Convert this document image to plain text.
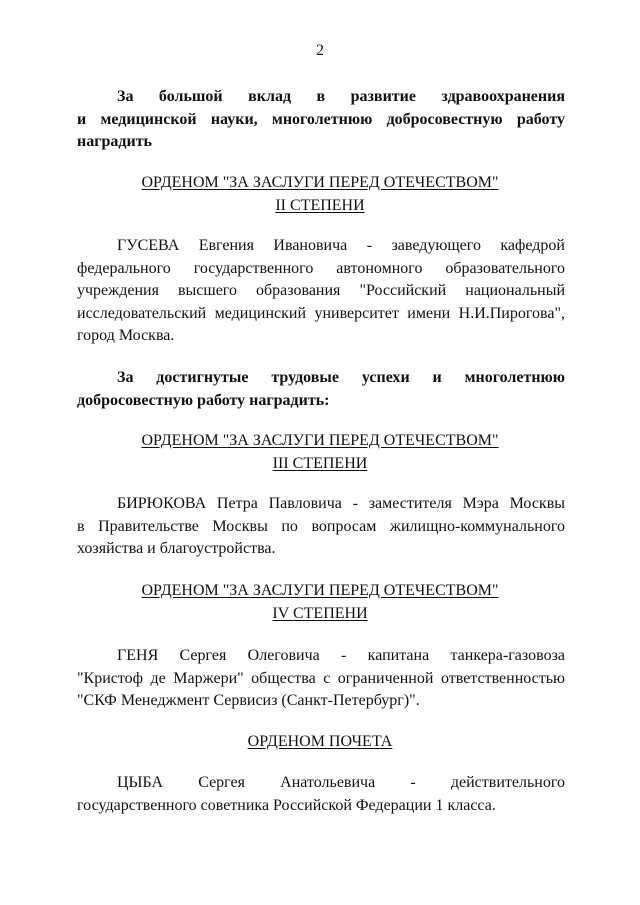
2
За большой вклад в развитие здравоохранения
и медицинской науки, многолетнюю добросовестную работу
наградить
ОРДЕНОМ "ЗА ЗАСЛУГИ ПЕРЕД ОТЕЧЕСТВОМ"
II СТЕПЕНИ
ГУСЕВА Евгения Ивановича - заведующего кафедрой
федерального государственного автономного образовательного
учреждения высшего образования "Российский национальный
исследовательский медицинский университет имени Н.И.Пирогова",
город Москва.
За достигнутые трудовые успехи и многолетнюю
добросовестную работу наградить:
ОРДЕНОМ "ЗА ЗАСЛУГИ ПЕРЕД ОТЕЧЕСТВОМ"
III СТЕПЕНИ
БИРЮКОВА Петра Павловича - заместителя Мэра Москвы
в Правительстве Москвы по вопросам жилищно-коммунального
хозяйства и благоустройства.
ОРДЕНОМ "ЗА ЗАСЛУГИ ПЕРЕД ОТЕЧЕСТВОМ"
IV СТЕПЕНИ
ГЕНЯ Сергея Олеговича - капитана танкера-газовоза
"Кристоф де Маржери" общества с ограниченной ответственностью
"СКФ Менеджмент Сервисиз (Санкт-Петербург)".
ОРДЕНОМ ПОЧЕТА
ЦЫБА Сергея Анатольевича - действительного
государственного советника Российской Федерации 1 класса.
